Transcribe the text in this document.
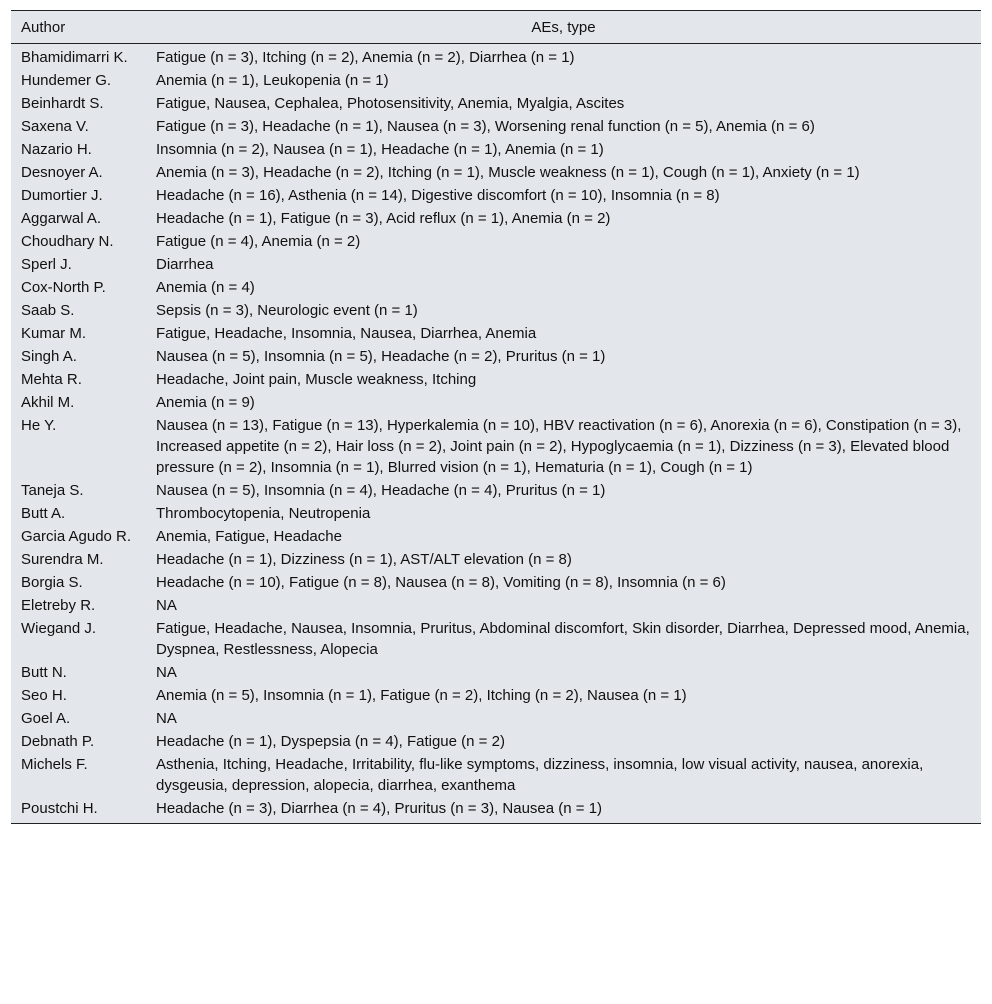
Author	AEs, type
Bhamidimarri K.	Fatigue (n = 3), Itching (n = 2), Anemia (n = 2), Diarrhea (n = 1)
Hundemer G.	Anemia (n = 1), Leukopenia (n = 1)
Beinhardt S.	Fatigue, Nausea, Cephalea, Photosensitivity, Anemia, Myalgia, Ascites
Saxena V.	Fatigue (n = 3), Headache (n = 1), Nausea (n = 3), Worsening renal function (n = 5), Anemia (n = 6)
Nazario H.	Insomnia (n = 2), Nausea (n = 1), Headache (n = 1), Anemia (n = 1)
Desnoyer A.	Anemia (n = 3), Headache (n = 2), Itching (n = 1), Muscle weakness (n = 1), Cough (n = 1), Anxiety (n = 1)
Dumortier J.	Headache (n = 16), Asthenia (n = 14), Digestive discomfort (n = 10), Insomnia (n = 8)
Aggarwal A.	Headache (n = 1), Fatigue (n = 3), Acid reflux (n = 1), Anemia (n = 2)
Choudhary N.	Fatigue (n = 4), Anemia (n = 2)
Sperl J.	Diarrhea
Cox-North P.	Anemia (n = 4)
Saab S.	Sepsis (n = 3), Neurologic event (n = 1)
Kumar M.	Fatigue, Headache, Insomnia, Nausea, Diarrhea, Anemia
Singh A.	Nausea (n = 5), Insomnia (n = 5), Headache (n = 2), Pruritus (n = 1)
Mehta R.	Headache, Joint pain, Muscle weakness, Itching
Akhil M.	Anemia (n = 9)
He Y.	Nausea (n = 13), Fatigue (n = 13), Hyperkalemia (n = 10), HBV reactivation (n = 6), Anorexia (n = 6), Constipation (n = 3), Increased appetite (n = 2), Hair loss (n = 2), Joint pain (n = 2), Hypoglycaemia (n = 1), Dizziness (n = 3), Elevated blood pressure (n = 2), Insomnia (n = 1), Blurred vision (n = 1), Hematuria (n = 1), Cough (n = 1)
Taneja S.	Nausea (n = 5), Insomnia (n = 4), Headache (n = 4), Pruritus (n = 1)
Butt A.	Thrombocytopenia, Neutropenia
Garcia Agudo R.	Anemia, Fatigue, Headache
Surendra M.	Headache (n = 1), Dizziness (n = 1), AST/ALT elevation (n = 8)
Borgia S.	Headache (n = 10), Fatigue (n = 8), Nausea (n = 8), Vomiting (n = 8), Insomnia (n = 6)
Eletreby R.	NA
Wiegand J.	Fatigue, Headache, Nausea, Insomnia, Pruritus, Abdominal discomfort, Skin disorder, Diarrhea, Depressed mood, Anemia, Dyspnea, Restlessness, Alopecia
Butt N.	NA
Seo H.	Anemia (n = 5), Insomnia (n = 1), Fatigue (n = 2), Itching (n = 2), Nausea (n = 1)
Goel A.	NA
Debnath P.	Headache (n = 1), Dyspepsia (n = 4), Fatigue (n = 2)
Michels F.	Asthenia, Itching, Headache, Irritability, flu-like symptoms, dizziness, insomnia, low visual activity, nausea, anorexia, dysgeusia, depression, alopecia, diarrhea, exanthema
Poustchi H.	Headache (n = 3), Diarrhea (n = 4), Pruritus (n = 3), Nausea (n = 1)
